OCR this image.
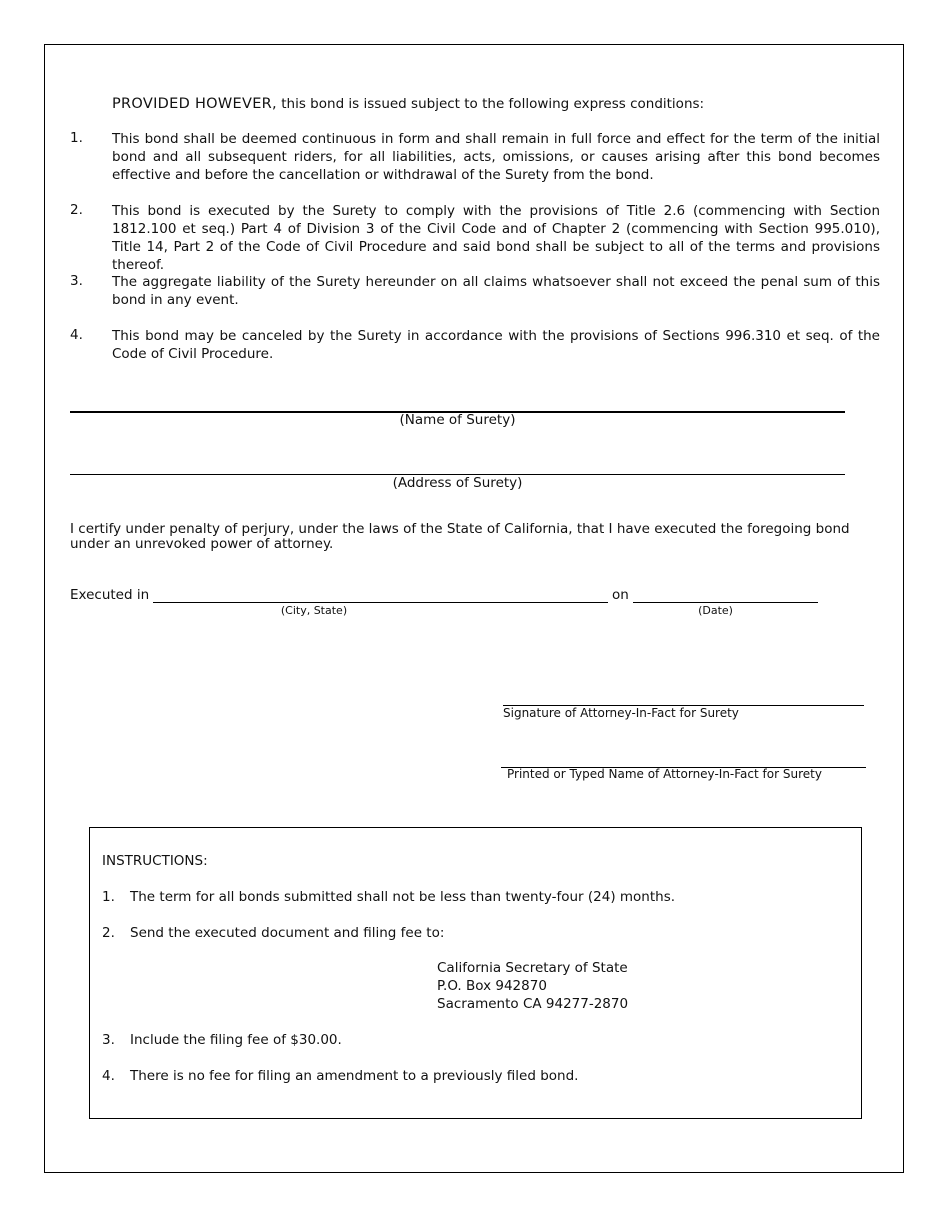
PROVIDED HOWEVER, this bond is issued subject to the following express conditions:
1. This bond shall be deemed continuous in form and shall remain in full force and effect for the term of the initial bond and all subsequent riders, for all liabilities, acts, omissions, or causes arising after this bond becomes effective and before the cancellation or withdrawal of the Surety from the bond.
2. This bond is executed by the Surety to comply with the provisions of Title 2.6 (commencing with Section 1812.100 et seq.) Part 4 of Division 3 of the Civil Code and of Chapter 2 (commencing with Section 995.010), Title 14, Part 2 of the Code of Civil Procedure and said bond shall be subject to all of the terms and provisions thereof.
3. The aggregate liability of the Surety hereunder on all claims whatsoever shall not exceed the penal sum of this bond in any event.
4. This bond may be canceled by the Surety in accordance with the provisions of Sections 996.310 et seq. of the Code of Civil Procedure.
(Name of Surety)
(Address of Surety)
I certify under penalty of perjury, under the laws of the State of California, that I have executed the foregoing bond under an unrevoked power of attorney.
Executed in
(City, State)
on
(Date)
Signature of Attorney-In-Fact for Surety
Printed or Typed Name of Attorney-In-Fact for Surety
INSTRUCTIONS:
1. The term for all bonds submitted shall not be less than twenty-four (24) months.
2. Send the executed document and filing fee to:
California Secretary of State
P.O. Box 942870
Sacramento CA 94277-2870
3. Include the filing fee of $30.00.
4. There is no fee for filing an amendment to a previously filed bond.
